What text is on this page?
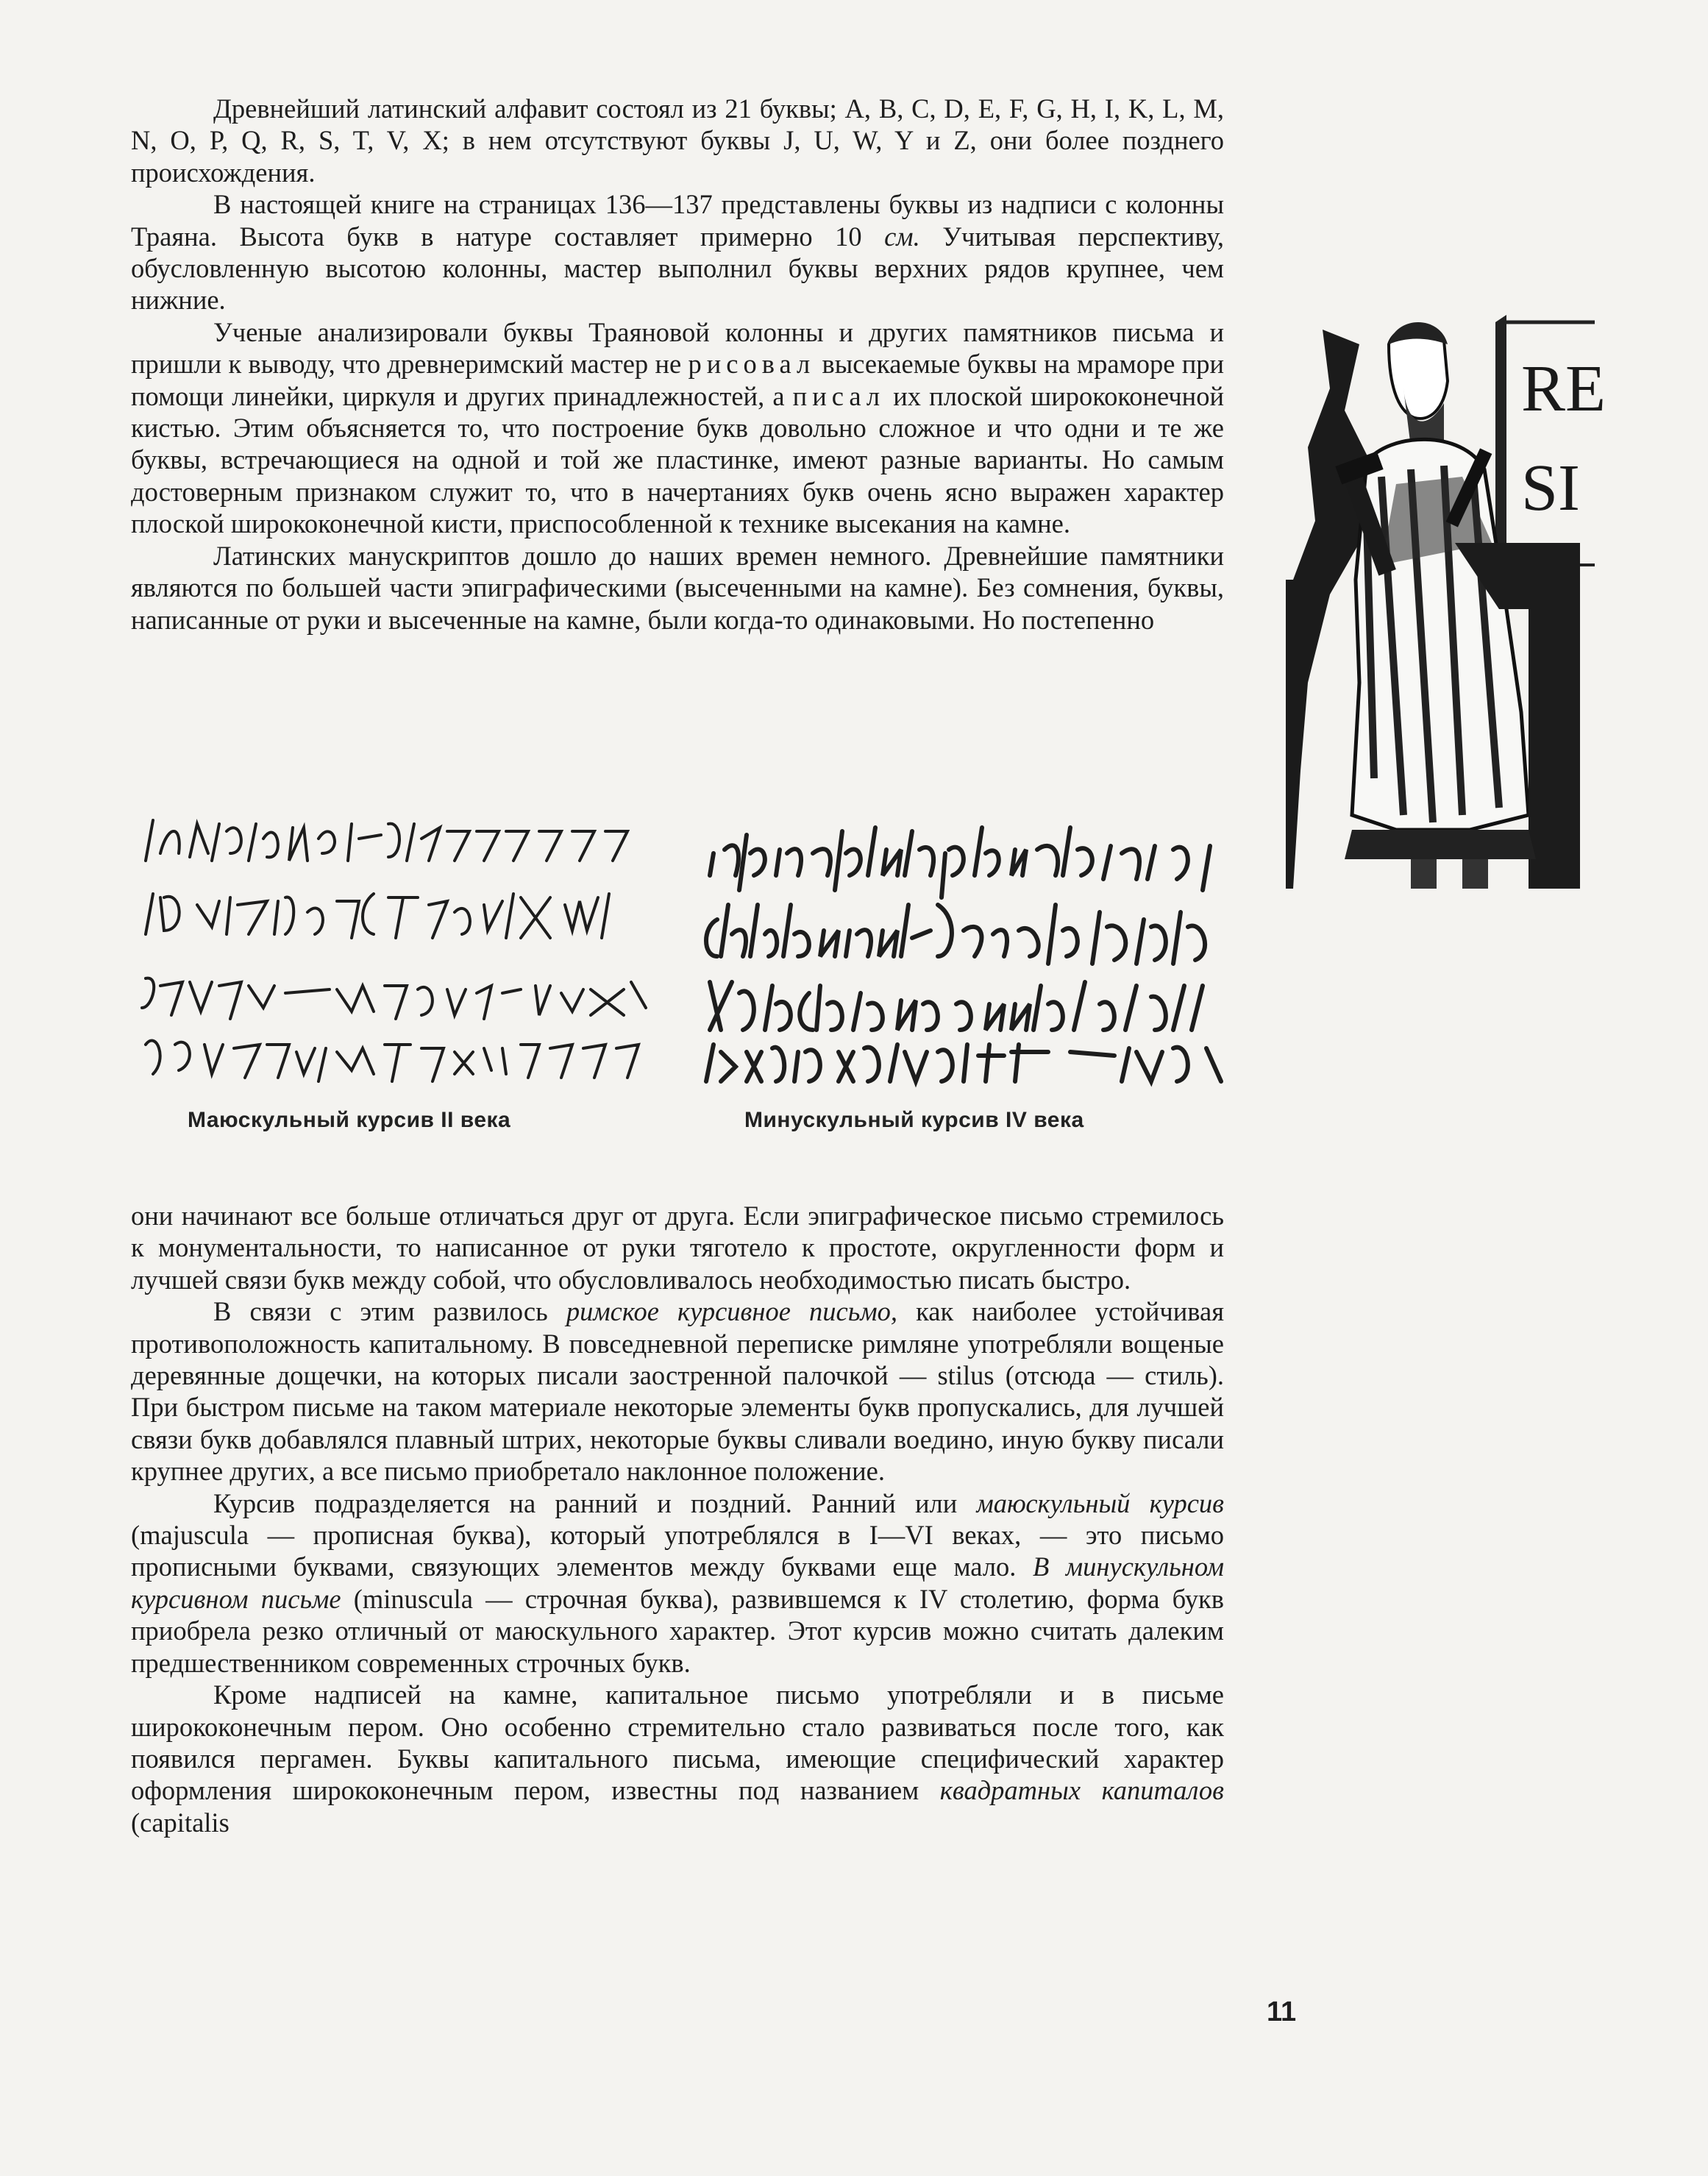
Древнейший латинский алфавит состоял из 21 буквы; A, B, C, D, E, F, G, H, I, K, L, M, N, O, P, Q, R, S, T, V, X; в нем отсутствуют буквы J, U, W, Y и Z, они более позднего происхождения.

В настоящей книге на страницах 136—137 представлены буквы из надписи с колонны Траяна. Высота букв в натуре составляет примерно 10 см. Учитывая перспективу, обусловленную высотою колонны, мастер выполнил буквы верхних рядов крупнее, чем нижние.

Ученые анализировали буквы Траяновой колонны и других памятников письма и пришли к выводу, что древнеримский мастер не рисовал высекаемые буквы на мраморе при помощи линейки, циркуля и других принадлежностей, а писал их плоской ширококонечной кистью. Этим объясняется то, что построение букв довольно сложное и что одни и те же буквы, встречающиеся на одной и той же пластинке, имеют разные варианты. Но самым достоверным признаком служит то, что в начертаниях букв очень ясно выражен характер плоской ширококонечной кисти, приспособленной к технике высекания на камне.

Латинских манускриптов дошло до наших времен немного. Древнейшие памятники являются по большей части эпиграфическими (высеченными на камне). Без сомнения, буквы, написанные от руки и высеченные на камне, были когда-то одинаковыми. Но постепенно

RE
SI
Маюскульный курсив II века	Минускульный курсив IV века

они начинают все больше отличаться друг от друга. Если эпиграфическое письмо стремилось к монументальности, то написанное от руки тяготело к простоте, округленности форм и лучшей связи букв между собой, что обусловливалось необходимостью писать быстро.

В связи с этим развилось римское курсивное письмо, как наиболее устойчивая противоположность капитальному. В повседневной переписке римляне употребляли вощеные деревянные дощечки, на которых писали заостренной палочкой — stilus (отсюда — стиль). При быстром письме на таком материале некоторые элементы букв пропускались, для лучшей связи букв добавлялся плавный штрих, некоторые буквы сливали воедино, иную букву писали крупнее других, а все письмо приобретало наклонное положение.

Курсив подразделяется на ранний и поздний. Ранний или маюскульный курсив (majuscula — прописная буква), который употреблялся в I—VI веках, — это письмо прописными буквами, связующих элементов между буквами еще мало. В минускульном курсивном письме (minuscula — строчная буква), развившемся к IV столетию, форма букв приобрела резко отличный от маюскульного характер. Этот курсив можно считать далеким предшественником современных строчных букв.

Кроме надписей на камне, капитальное письмо употребляли и в письме ширококонечным пером. Оно особенно стремительно стало развиваться после того, как появился пергамен. Буквы капитального письма, имеющие специфический характер оформления ширококонечным пером, известны под названием квадратных капиталов (capitalis

11
